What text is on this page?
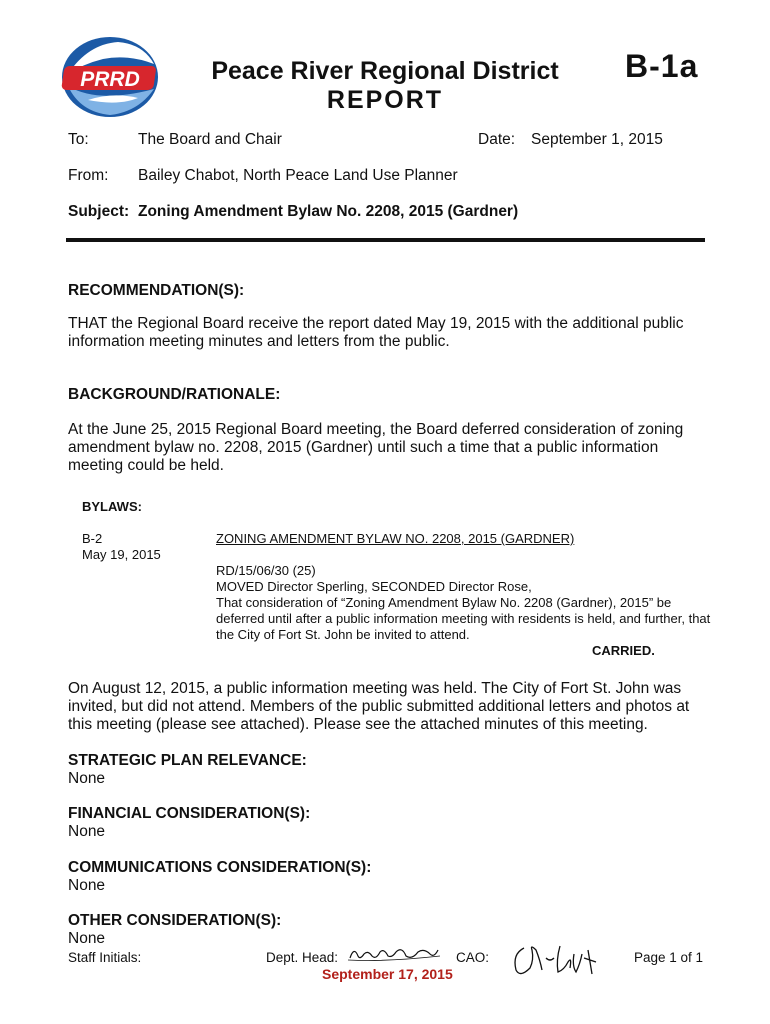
PRRD	Peace River Regional District
REPORT
B-1a
To:	The Board and Chair	Date: September 1, 2015
From: Bailey Chabot, North Peace Land Use Planner
Subject: Zoning Amendment Bylaw No. 2208, 2015 (Gardner)
RECOMMENDATION(S):
THAT the Regional Board receive the report dated May 19, 2015 with the additional public information meeting minutes and letters from the public.
BACKGROUND/RATIONALE:
At the June 25, 2015 Regional Board meeting, the Board deferred consideration of zoning amendment bylaw no. 2208, 2015 (Gardner) until such a time that a public information meeting could be held.
BYLAWS:
B-2
May 19, 2015
ZONING AMENDMENT BYLAW NO. 2208, 2015 (GARDNER)
RD/15/06/30 (25)
MOVED Director Sperling, SECONDED Director Rose,
That consideration of “Zoning Amendment Bylaw No. 2208 (Gardner), 2015” be
deferred until after a public information meeting with residents is held, and further, that
the City of Fort St. John be invited to attend.
CARRIED.
On August 12, 2015, a public information meeting was held. The City of Fort St. John was invited, but did not attend. Members of the public submitted additional letters and photos at this meeting (please see attached). Please see the attached minutes of this meeting.
STRATEGIC PLAN RELEVANCE:
None
FINANCIAL CONSIDERATION(S):
None
COMMUNICATIONS CONSIDERATION(S):
None
OTHER CONSIDERATION(S):
None
Staff Initials:	Dept. Head:	CAO:	Page 1 of 1
September 17, 2015
